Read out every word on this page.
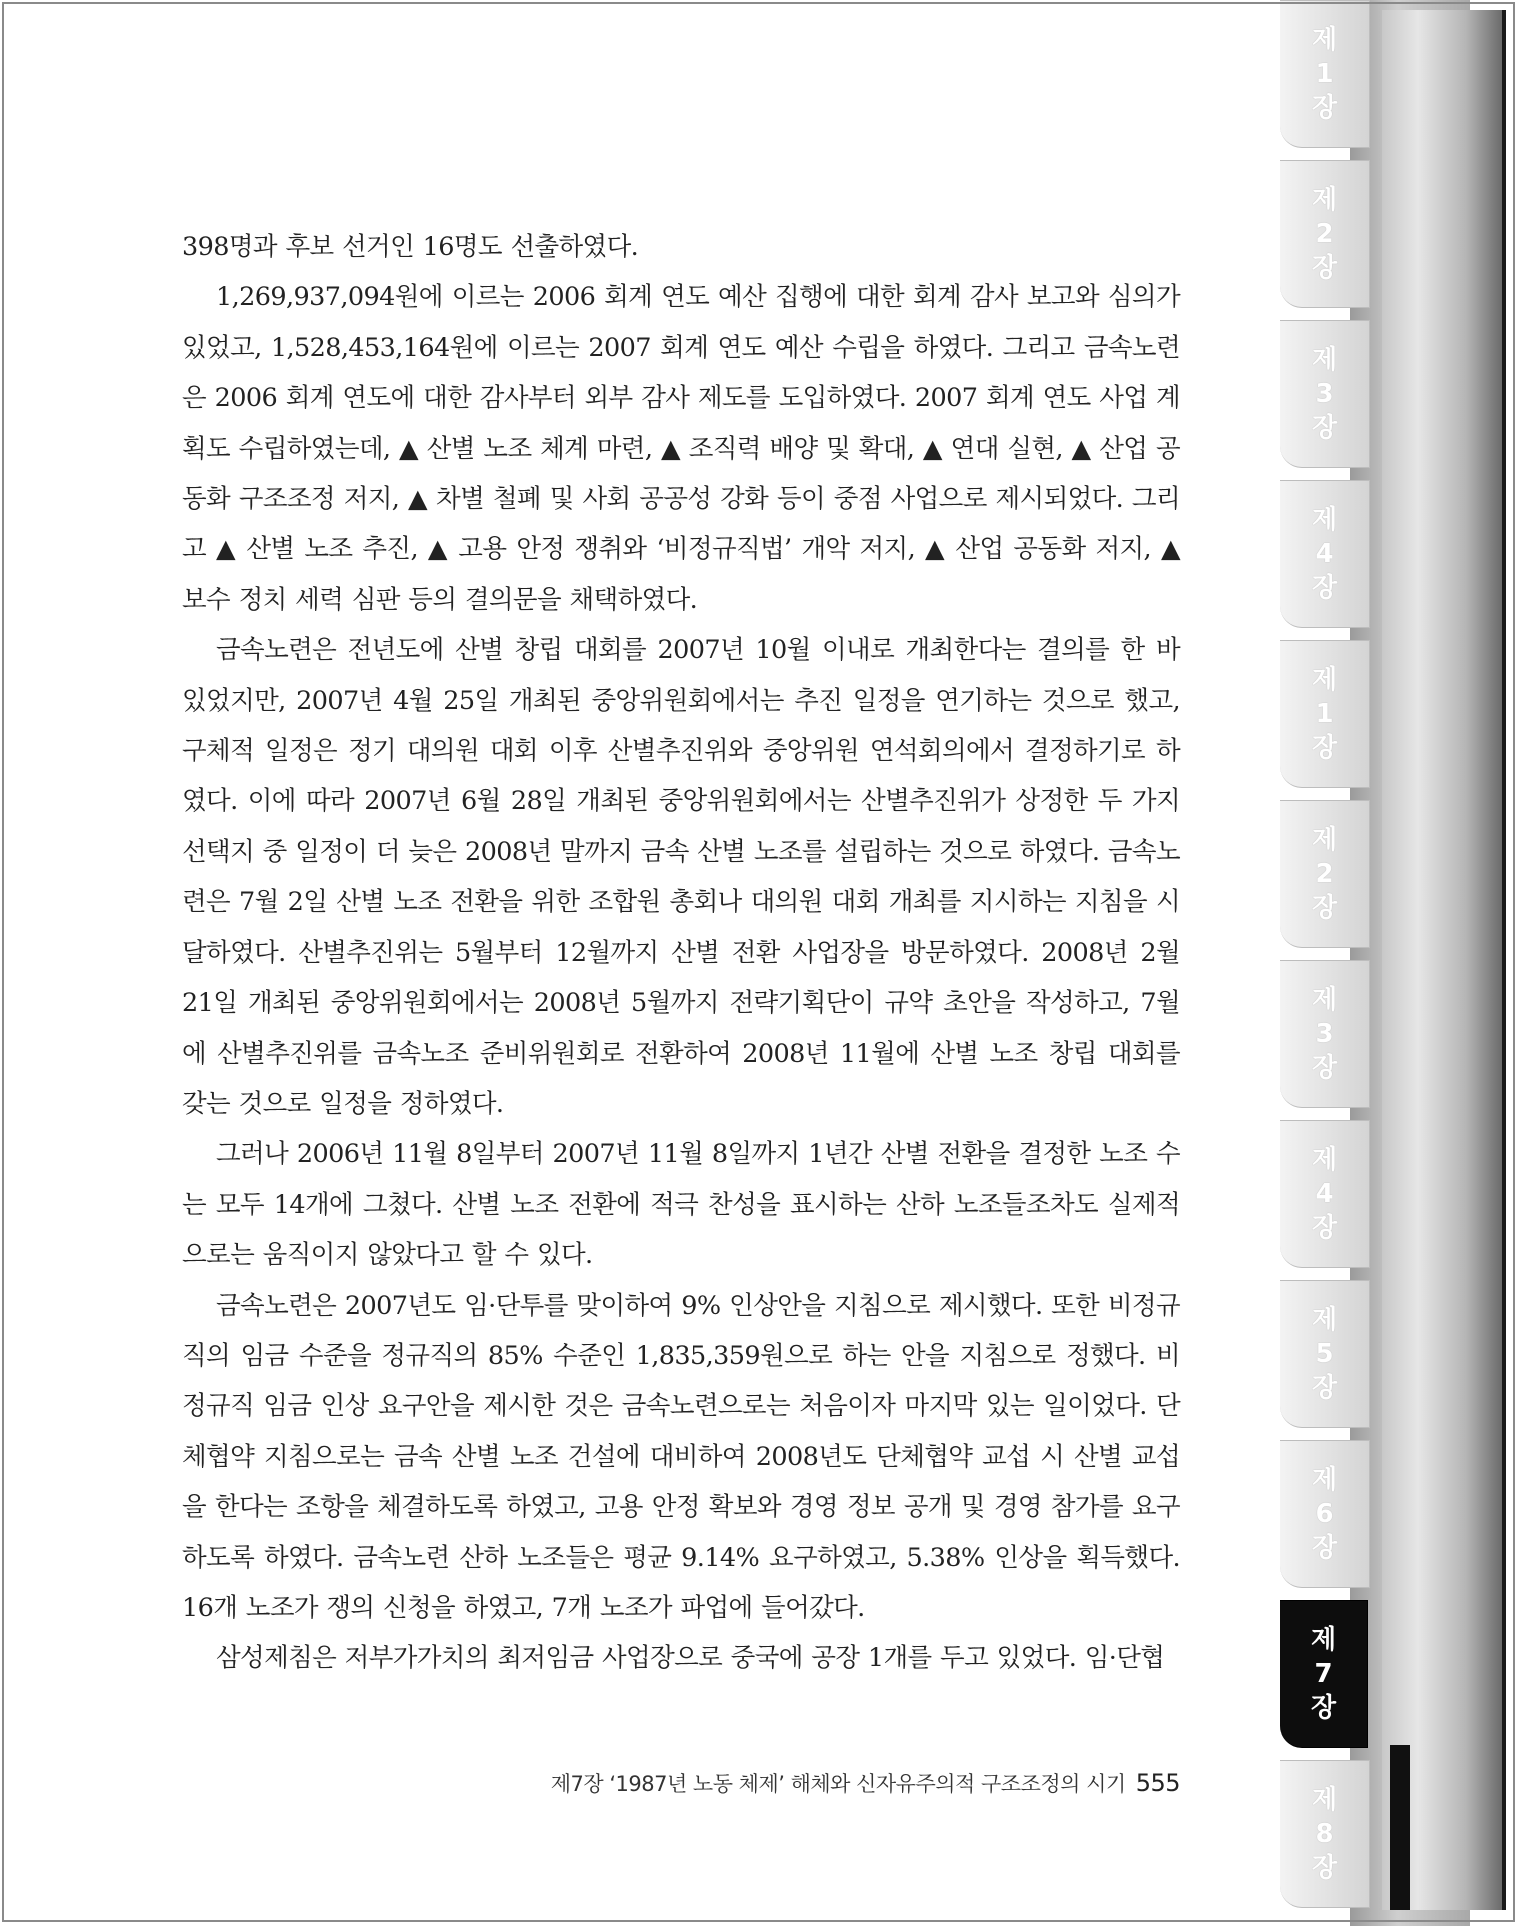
398명과 후보 선거인 16명도 선출하였다.

1,269,937,094원에 이르는 2006 회계 연도 예산 집행에 대한 회계 감사 보고와 심의가 있었고, 1,528,453,164원에 이르는 2007 회계 연도 예산 수립을 하였다. 그리고 금속노련은 2006 회계 연도에 대한 감사부터 외부 감사 제도를 도입하였다. 2007 회계 연도 사업 계획도 수립하였는데, ▲ 산별 노조 체계 마련, ▲ 조직력 배양 및 확대, ▲ 연대 실현, ▲ 산업 공동화 구조조정 저지, ▲ 차별 철폐 및 사회 공공성 강화 등이 중점 사업으로 제시되었다. 그리고 ▲ 산별 노조 추진, ▲ 고용 안정 쟁취와 ‘비정규직법’ 개악 저지, ▲ 산업 공동화 저지, ▲ 보수 정치 세력 심판 등의 결의문을 채택하였다.

금속노련은 전년도에 산별 창립 대회를 2007년 10월 이내로 개최한다는 결의를 한 바 있었지만, 2007년 4월 25일 개최된 중앙위원회에서는 추진 일정을 연기하는 것으로 했고, 구체적 일정은 정기 대의원 대회 이후 산별추진위와 중앙위원 연석회의에서 결정하기로 하였다. 이에 따라 2007년 6월 28일 개최된 중앙위원회에서는 산별추진위가 상정한 두 가지 선택지 중 일정이 더 늦은 2008년 말까지 금속 산별 노조를 설립하는 것으로 하였다. 금속노련은 7월 2일 산별 노조 전환을 위한 조합원 총회나 대의원 대회 개최를 지시하는 지침을 시달하였다. 산별추진위는 5월부터 12월까지 산별 전환 사업장을 방문하였다. 2008년 2월 21일 개최된 중앙위원회에서는 2008년 5월까지 전략기획단이 규약 초안을 작성하고, 7월에 산별추진위를 금속노조 준비위원회로 전환하여 2008년 11월에 산별 노조 창립 대회를 갖는 것으로 일정을 정하였다.

그러나 2006년 11월 8일부터 2007년 11월 8일까지 1년간 산별 전환을 결정한 노조 수는 모두 14개에 그쳤다. 산별 노조 전환에 적극 찬성을 표시하는 산하 노조들조차도 실제적으로는 움직이지 않았다고 할 수 있다.

금속노련은 2007년도 임·단투를 맞이하여 9% 인상안을 지침으로 제시했다. 또한 비정규직의 임금 수준을 정규직의 85% 수준인 1,835,359원으로 하는 안을 지침으로 정했다. 비정규직 임금 인상 요구안을 제시한 것은 금속노련으로는 처음이자 마지막 있는 일이었다. 단체협약 지침으로는 금속 산별 노조 건설에 대비하여 2008년도 단체협약 교섭 시 산별 교섭을 한다는 조항을 체결하도록 하였고, 고용 안정 확보와 경영 정보 공개 및 경영 참가를 요구하도록 하였다. 금속노련 산하 노조들은 평균 9.14% 요구하였고, 5.38% 인상을 획득했다. 16개 노조가 쟁의 신청을 하였고, 7개 노조가 파업에 들어갔다.

삼성제침은 저부가가치의 최저임금 사업장으로 중국에 공장 1개를 두고 있었다. 임·단협

제7장 ‘1987년 노동 체제’ 해체와 신자유주의적 구조조정의 시기 555
제
1
장
제
2
장
제
3
장
제
4
장
제
1
장
제
2
장
제
3
장
제
4
장
제
5
장
제
6
장
제
7
장
제
8
장
